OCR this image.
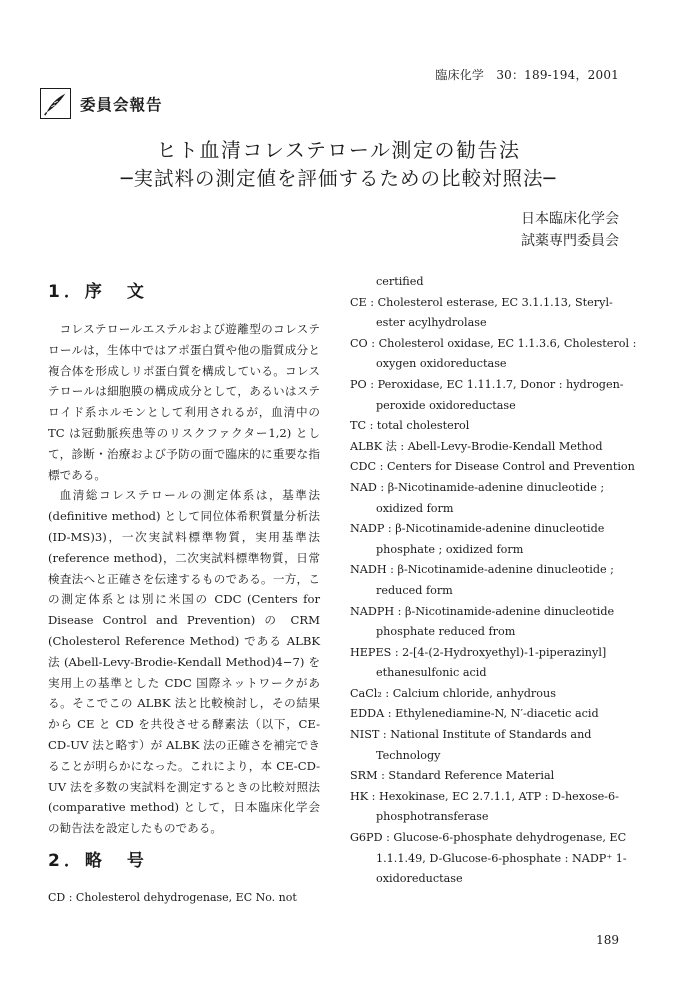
臨床化学　30：189-194，2001
委員会報告
ヒト血清コレステロール測定の勧告法
─実試料の測定値を評価するための比較対照法─
日本臨床化学会
試薬専門委員会
1．序　文

コレステロールエステルおよび遊離型のコレステロールは，生体中ではアポ蛋白質や他の脂質成分と複合体を形成しリポ蛋白質を構成している。コレステロールは細胞膜の構成成分として，あるいはステロイド系ホルモンとして利用されるが，血清中の TC は冠動脈疾患等のリスクファクター1,2) として，診断・治療および予防の面で臨床的に重要な指標である。

血清総コレステロールの測定体系は，基準法 (definitive method) として同位体希釈質量分析法 (ID-MS)3)，一次実試料標準物質，実用基準法 (reference method)，二次実試料標準物質，日常検査法へと正確さを伝達するものである。一方，この測定体系とは別に米国の CDC (Centers for Disease Control and Prevention) の CRM (Cholesterol Reference Method) である ALBK 法 (Abell-Levy-Brodie-Kendall Method)4−7) を実用上の基準とした CDC 国際ネットワークがある。そこでこの ALBK 法と比較検討し，その結果から CE と CD を共役させる酵素法（以下，CE-CD-UV 法と略す）が ALBK 法の正確さを補完できることが明らかになった。これにより，本 CE-CD-UV 法を多数の実試料を測定するときの比較対照法 (comparative method) として，日本臨床化学会の勧告法を設定したものである。

2．略　号
CD : Cholesterol dehydrogenase, EC No. not
certified
CE : Cholesterol esterase, EC 3.1.1.13, Steryl-ester acylhydrolase
CO : Cholesterol oxidase, EC 1.1.3.6, Cholesterol : oxygen oxidoreductase
PO : Peroxidase, EC 1.11.1.7, Donor : hydrogen-peroxide oxidoreductase
TC : total cholesterol
ALBK 法 : Abell-Levy-Brodie-Kendall Method
CDC : Centers for Disease Control and Prevention
NAD : β-Nicotinamide-adenine dinucleotide ; oxidized form
NADP : β-Nicotinamide-adenine dinucleotide phosphate ; oxidized form
NADH : β-Nicotinamide-adenine dinucleotide ; reduced form
NADPH : β-Nicotinamide-adenine dinucleotide phosphate reduced from
HEPES : 2-[4-(2-Hydroxyethyl)-1-piperazinyl] ethanesulfonic acid
CaCl₂ : Calcium chloride, anhydrous
EDDA : Ethylenediamine-N, N′-diacetic acid
NIST : National Institute of Standards and Technology
SRM : Standard Reference Material
HK : Hexokinase, EC 2.7.1.1, ATP : D-hexose-6-phosphotransferase
G6PD : Glucose-6-phosphate dehydrogenase, EC 1.1.1.49, D-Glucose-6-phosphate : NADP⁺ 1-oxidoreductase
189
